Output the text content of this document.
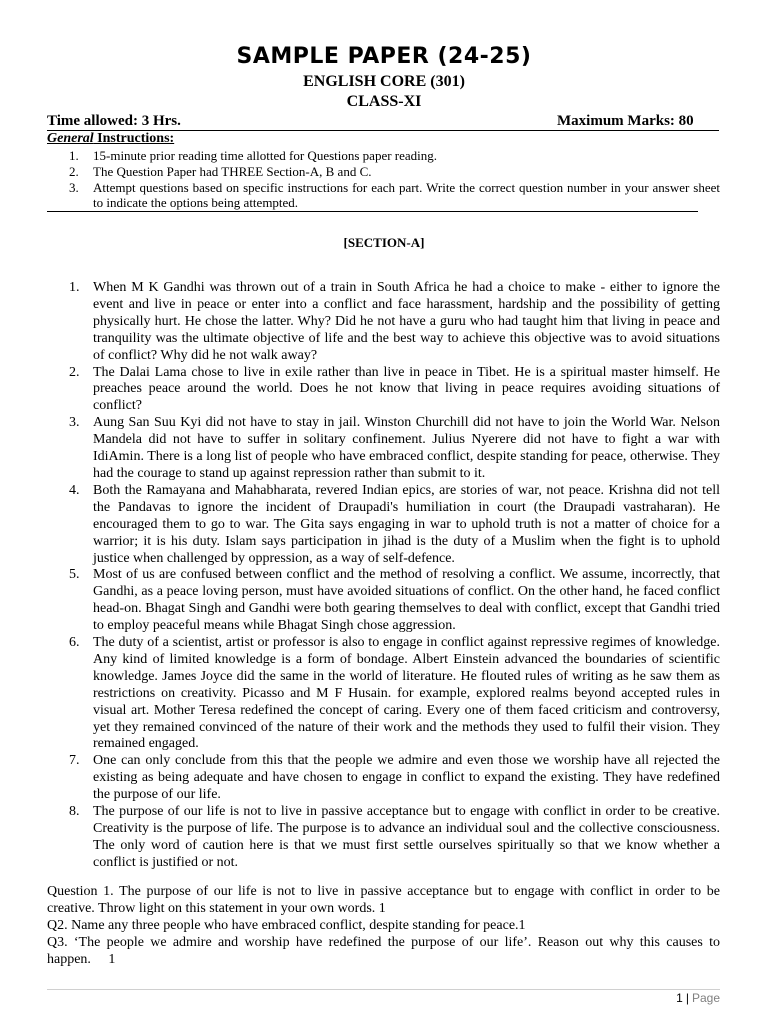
SAMPLE PAPER (24-25)
ENGLISH CORE (301)
CLASS-XI
Time allowed: 3 Hrs.	Maximum Marks: 80
General Instructions:
1. 15-minute prior reading time allotted for Questions paper reading.
2. The Question Paper had THREE Section-A, B and C.
3. Attempt questions based on specific instructions for each part. Write the correct question number in your answer sheet to indicate the options being attempted.
[SECTION-A]
1. When M K Gandhi was thrown out of a train in South Africa he had a choice to make - either to ignore the event and live in peace or enter into a conflict and face harassment, hardship and the possibility of getting physically hurt. He chose the latter. Why? Did he not have a guru who had taught him that living in peace and tranquility was the ultimate objective of life and the best way to achieve this objective was to avoid situations of conflict? Why did he not walk away?
2. The Dalai Lama chose to live in exile rather than live in peace in Tibet. He is a spiritual master himself. He preaches peace around the world. Does he not know that living in peace requires avoiding situations of conflict?
3. Aung San Suu Kyi did not have to stay in jail. Winston Churchill did not have to join the World War. Nelson Mandela did not have to suffer in solitary confinement. Julius Nyerere did not have to fight a war with IdiAmin. There is a long list of people who have embraced conflict, despite standing for peace, otherwise. They had the courage to stand up against repression rather than submit to it.
4. Both the Ramayana and Mahabharata, revered Indian epics, are stories of war, not peace. Krishna did not tell the Pandavas to ignore the incident of Draupadi's humiliation in court (the Draupadi vastraharan). He encouraged them to go to war. The Gita says engaging in war to uphold truth is not a matter of choice for a warrior; it is his duty. Islam says participation in jihad is the duty of a Muslim when the fight is to uphold justice when challenged by oppression, as a way of self-defence.
5. Most of us are confused between conflict and the method of resolving a conflict. We assume, incorrectly, that Gandhi, as a peace loving person, must have avoided situations of conflict. On the other hand, he faced conflict head-on. Bhagat Singh and Gandhi were both gearing themselves to deal with conflict, except that Gandhi tried to employ peaceful means while Bhagat Singh chose aggression.
6. The duty of a scientist, artist or professor is also to engage in conflict against repressive regimes of knowledge. Any kind of limited knowledge is a form of bondage. Albert Einstein advanced the boundaries of scientific knowledge. James Joyce did the same in the world of literature. He flouted rules of writing as he saw them as restrictions on creativity. Picasso and M F Husain. for example, explored realms beyond accepted rules in visual art. Mother Teresa redefined the concept of caring. Every one of them faced criticism and controversy, yet they remained convinced of the nature of their work and the methods they used to fulfil their vision. They remained engaged.
7. One can only conclude from this that the people we admire and even those we worship have all rejected the existing as being adequate and have chosen to engage in conflict to expand the existing. They have redefined the purpose of our life.
8. The purpose of our life is not to live in passive acceptance but to engage with conflict in order to be creative. Creativity is the purpose of life. The purpose is to advance an individual soul and the collective consciousness. The only word of caution here is that we must first settle ourselves spiritually so that we know whether a conflict is justified or not.

Question 1. The purpose of our life is not to live in passive acceptance but to engage with conflict in order to be creative. Throw light on this statement in your own words. 1

Q2. Name any three people who have embraced conflict, despite standing for peace.1

Q3. ‘The people we admire and worship have redefined the purpose of our life’. Reason out why this causes to happen.     1

1 | Page
